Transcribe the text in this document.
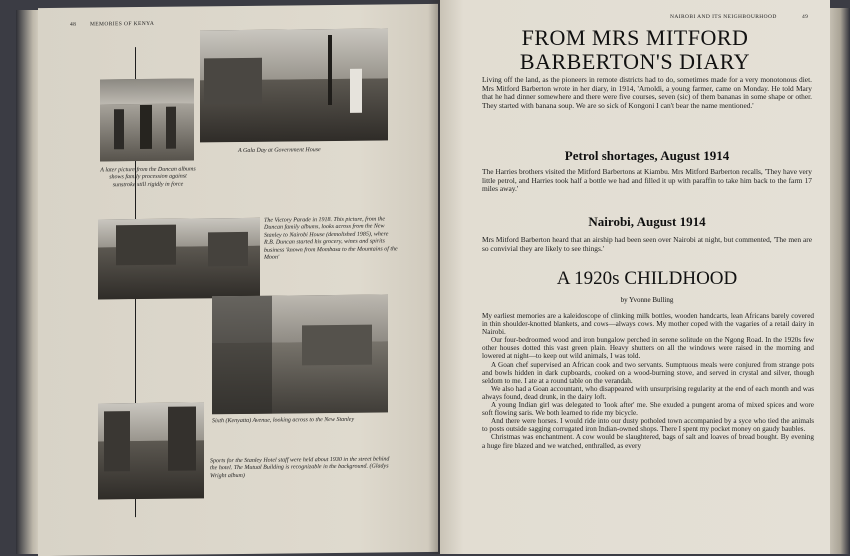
48 MEMORIES OF KENYA
A later picture from the Duncan albums shows family procession against sunstroke still rigidly in force
A Gala Day at Government House
The Victory Parade in 1918. This picture, from the Duncan family albums, looks across from the New Stanley to Nairobi House (demolished 1985), where R.B. Duncan started his grocery, wines and spirits business 'known from Mombasa to the Mountains of the Moon'
Sixth (Kenyatta) Avenue, looking across to the New Stanley
Sports for the Stanley Hotel staff were held about 1930 in the street behind the hotel. The Mutual Building is recognizable in the background. (Gladys Wright album)
NAIROBI AND ITS NEIGHBOURHOOD	49
FROM MRS MITFORD BARBERTON'S DIARY

Living off the land, as the pioneers in remote districts had to do, sometimes made for a very monotonous diet. Mrs Mitford Barberton wrote in her diary, in 1914, 'Arnoldi, a young farmer, came on Monday. He told Mary that he had dinner somewhere and there were five courses, seven (sic) of them bananas in some shape or other. They started with banana soup. We are so sick of Kongoni I can't bear the name mentioned.'

Petrol shortages, August 1914

The Harries brothers visited the Mitford Barbertons at Kiambu. Mrs Mitford Barberton recalls, 'They have very little petrol, and Harries took half a bottle we had and filled it up with paraffin to take him back to the farm 17 miles away.'

Nairobi, August 1914

Mrs Mitford Barberton heard that an airship had been seen over Nairobi at night, but commented, 'The men are so convivial they are likely to see things.'

A 1920s CHILDHOOD
by Yvonne Bulling

My earliest memories are a kaleidoscope of clinking milk bottles, wooden handcarts, lean Africans barely covered in thin shoulder-knotted blankets, and cows—always cows. My mother coped with the vagaries of a retail dairy in Nairobi.

Our four-bedroomed wood and iron bungalow perched in serene solitude on the Ngong Road. In the 1920s few other houses dotted this vast green plain. Heavy shutters on all the windows were raised in the morning and lowered at night—to keep out wild animals, I was told.

A Goan chef supervised an African cook and two servants. Sumptuous meals were conjured from strange pots and bowls hidden in dark cupboards, cooked on a wood-burning stove, and served in crystal and silver, though seldom to me. I ate at a round table on the verandah.

We also had a Goan accountant, who disappeared with unsurprising regularity at the end of each month and was always found, dead drunk, in the dairy loft.

A young Indian girl was delegated to 'look after' me. She exuded a pungent aroma of mixed spices and wore soft flowing saris. We both learned to ride my bicycle.

And there were horses. I would ride into our dusty potholed town accompanied by a syce who tied the animals to posts outside sagging corrugated iron Indian-owned shops. There I spent my pocket money on gaudy baubles.

Christmas was enchantment. A cow would be slaughtered, bags of salt and loaves of bread bought. By evening a huge fire blazed and we watched, enthralled, as every
